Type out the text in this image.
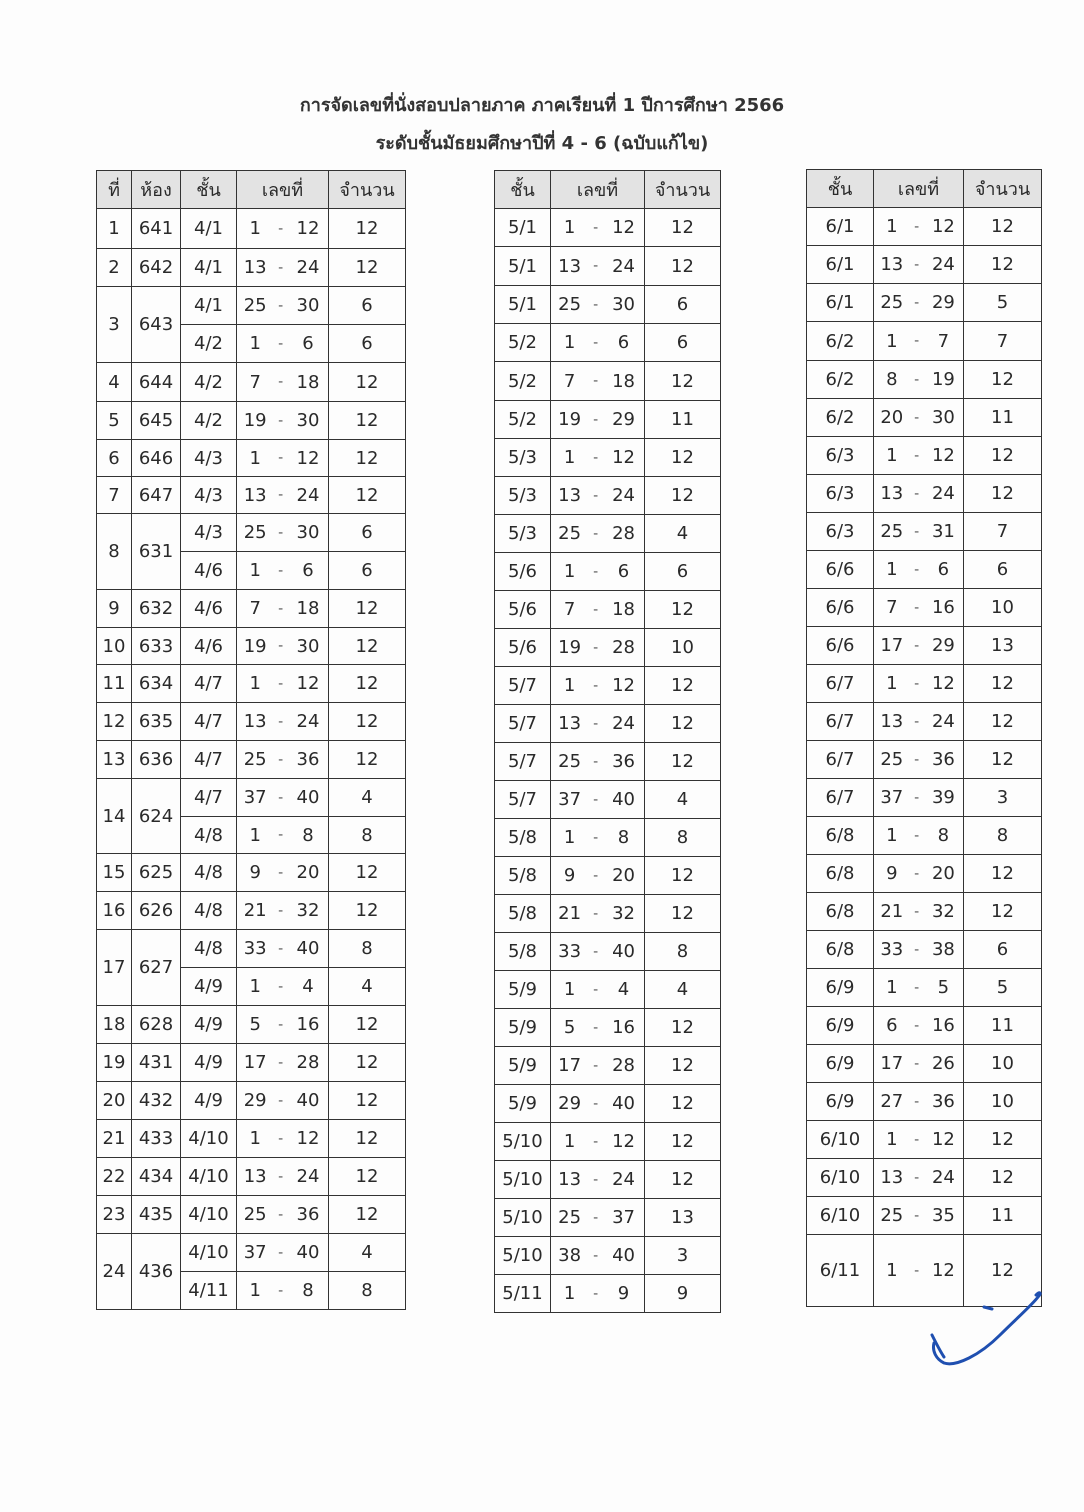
การจัดเลขที่นั่งสอบปลายภาค ภาคเรียนที่ 1 ปีการศึกษา 2566
ระดับชั้นมัธยมศึกษาปีที่ 4 - 6 (ฉบับแก้ไข)
ที่	ห้อง	ชั้น	เลขที่	จำนวน
1	641	4/1	1 - 12	12
2	642	4/1	13 - 24	12
3	643	4/1	25 - 30	6
		4/2	1 - 6	6
4	644	4/2	7 - 18	12
5	645	4/2	19 - 30	12
6	646	4/3	1 - 12	12
7	647	4/3	13 - 24	12
8	631	4/3	25 - 30	6
		4/6	1 - 6	6
9	632	4/6	7 - 18	12
10	633	4/6	19 - 30	12
11	634	4/7	1 - 12	12
12	635	4/7	13 - 24	12
13	636	4/7	25 - 36	12
14	624	4/7	37 - 40	4
		4/8	1 - 8	8
15	625	4/8	9 - 20	12
16	626	4/8	21 - 32	12
17	627	4/8	33 - 40	8
		4/9	1 - 4	4
18	628	4/9	5 - 16	12
19	431	4/9	17 - 28	12
20	432	4/9	29 - 40	12
21	433	4/10	1 - 12	12
22	434	4/10	13 - 24	12
23	435	4/10	25 - 36	12
24	436	4/10	37 - 40	4
		4/11	1 - 8	8
ชั้น	เลขที่	จำนวน
5/1	1 - 12	12
5/1	13 - 24	12
5/1	25 - 30	6
5/2	1 - 6	6
5/2	7 - 18	12
5/2	19 - 29	11
5/3	1 - 12	12
5/3	13 - 24	12
5/3	25 - 28	4
5/6	1 - 6	6
5/6	7 - 18	12
5/6	19 - 28	10
5/7	1 - 12	12
5/7	13 - 24	12
5/7	25 - 36	12
5/7	37 - 40	4
5/8	1 - 8	8
5/8	9 - 20	12
5/8	21 - 32	12
5/8	33 - 40	8
5/9	1 - 4	4
5/9	5 - 16	12
5/9	17 - 28	12
5/9	29 - 40	12
5/10	1 - 12	12
5/10	13 - 24	12
5/10	25 - 37	13
5/10	38 - 40	3
5/11	1 - 9	9
ชั้น	เลขที่	จำนวน
6/1	1 - 12	12
6/1	13 - 24	12
6/1	25 - 29	5
6/2	1 - 7	7
6/2	8 - 19	12
6/2	20 - 30	11
6/3	1 - 12	12
6/3	13 - 24	12
6/3	25 - 31	7
6/6	1 - 6	6
6/6	7 - 16	10
6/6	17 - 29	13
6/7	1 - 12	12
6/7	13 - 24	12
6/7	25 - 36	12
6/7	37 - 39	3
6/8	1 - 8	8
6/8	9 - 20	12
6/8	21 - 32	12
6/8	33 - 38	6
6/9	1 - 5	5
6/9	6 - 16	11
6/9	17 - 26	10
6/9	27 - 36	10
6/10	1 - 12	12
6/10	13 - 24	12
6/10	25 - 35	11
6/11	1 - 12	12
